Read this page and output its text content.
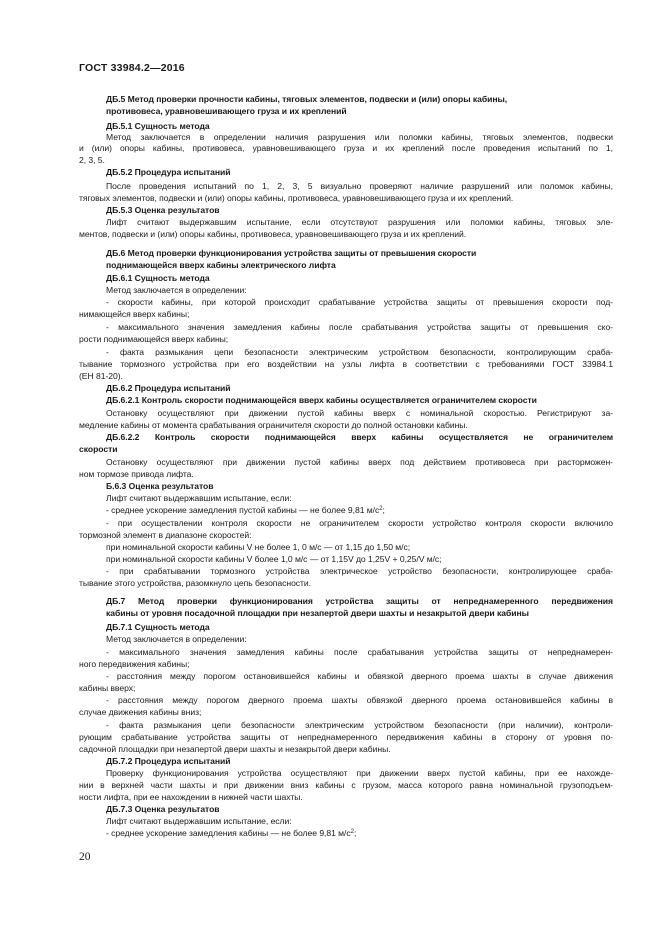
ГОСТ 33984.2—2016
ДБ.5 Метод проверки прочности кабины, тяговых элементов, подвески и (или) опоры кабины,
противовеса, уравновешивающего груза и их креплений
ДБ.5.1 Сущность метода
Метод заключается в определении наличия разрушения или поломки кабины, тяговых элементов, подвески
и (или) опоры кабины, противовеса, уравновешивающего груза и их креплений после проведения испытаний по 1,
2, 3, 5.
ДБ.5.2 Процедура испытаний
После проведения испытаний по 1, 2, 3, 5 визуально проверяют наличие разрушений или поломок кабины,
тяговых элементов, подвески и (или) опоры кабины, противовеса, уравновешивающего груза и их креплений.
ДБ.5.3 Оценка результатов
Лифт считают выдержавшим испытание, если отсутствуют разрушения или поломки кабины, тяговых эле-
ментов, подвески и (или) опоры кабины, противовеса, уравновешивающего груза и их креплений.
ДБ.6 Метод проверки функционирования устройства защиты от превышения скорости
поднимающейся вверх кабины электрического лифта
ДБ.6.1 Сущность метода
Метод заключается в определении:
- скорости кабины, при которой происходит срабатывание устройства защиты от превышения скорости под-
нимающейся вверх кабины;
- максимального значения замедления кабины после срабатывания устройства защиты от превышения ско-
рости поднимающейся вверх кабины;
- факта размыкания цепи безопасности электрическим устройством безопасности, контролирующим сраба-
тывание тормозного устройства при его воздействии на узлы лифта в соответствии с требованиями ГОСТ 33984.1
(ЕН 81-20).
ДБ.6.2 Процедура испытаний
ДБ.6.2.1 Контроль скорости поднимающейся вверх кабины осуществляется ограничителем скорости
Остановку осуществляют при движении пустой кабины вверх с номинальной скоростью. Регистрируют за-
медление кабины от момента срабатывания ограничителя скорости до полной остановки кабины.
ДБ.6.2.2 Контроль скорости поднимающейся вверх кабины осуществляется не ограничителем
скорости
Остановку осуществляют при движении пустой кабины вверх под действием противовеса при расторможен-
ном тормозе привода лифта.
Б.6.3 Оценка результатов
Лифт считают выдержавшим испытание, если:
- среднее ускорение замедления пустой кабины — не более 9,81 $м/с^2$;
- при осуществлении контроля скорости не ограничителем скорости устройство контроля скорости включило
тормозной элемент в диапазоне скоростей:
при номинальной скорости кабины V не более 1, 0 м/с — от 1,15 до 1,50 м/с;
при номинальной скорости кабины V более 1,0 м/с — от 1,15V до 1,25V + 0,25/V м/с;
- при срабатывании тормозного устройства электрическое устройство безопасности, контролирующее сраба-
тывание этого устройства, разомкнуло цепь безопасности.
ДБ.7 Метод проверки функционирования устройства защиты от непреднамеренного передвижения
кабины от уровня посадочной площадки при незапертой двери шахты и незакрытой двери кабины
ДБ.7.1 Сущность метода
Метод заключается в определении:
- максимального значения замедления кабины после срабатывания устройства защиты от непреднамерен-
ного передвижения кабины;
- расстояния между порогом остановившейся кабины и обвязкой дверного проема шахты в случае движения
кабины вверх;
- расстояния между порогом дверного проема шахты обвязкой дверного проема остановившейся кабины в
случае движения кабины вниз;
- факта размыкания цепи безопасности электрическим устройством безопасности (при наличии), контроли-
рующим срабатывание устройства защиты от непреднамеренного передвижения кабины в сторону от уровня по-
садочной площадки при незапертой двери шахты и незакрытой двери кабины.
ДБ.7.2 Процедура испытаний
Проверку функционирования устройства осуществляют при движении вверх пустой кабины, при ее нахожде-
нии в верхней части шахты и при движении вниз кабины с грузом, масса которого равна номинальной грузоподъем-
ности лифта, при ее нахождении в нижней части шахты.
ДБ.7.3 Оценка результатов
Лифт считают выдержавшим испытание, если:
- среднее ускорение замедления кабины — не более 9,81 $м/с^2$;
20
